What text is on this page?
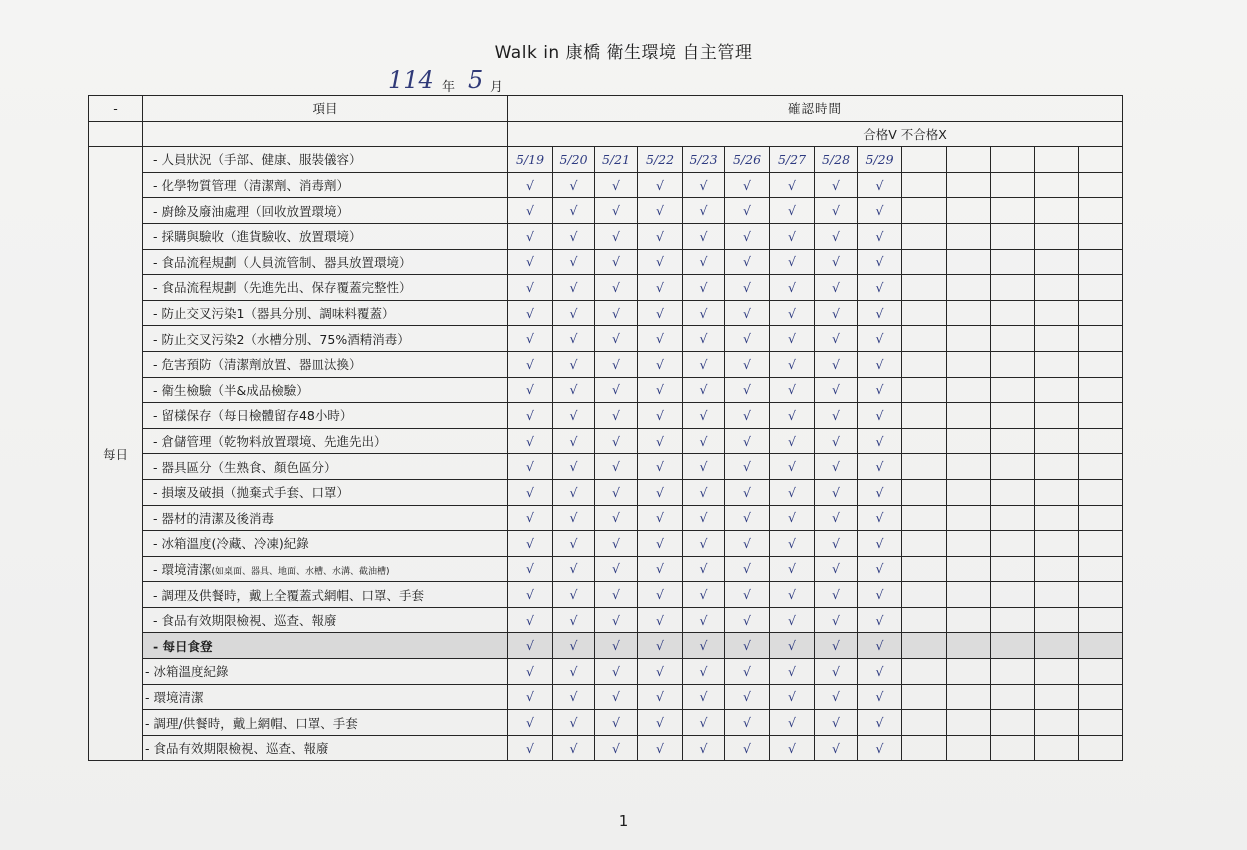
Walk in 康橋 衛生環境 自主管理
114 年 5 月
-	項目	確認時間													
		合格V 不合格X													
每日	- 人員狀況（手部、健康、服裝儀容）	5/19	5/20	5/21	5/22	5/23	5/26	5/27	5/28	5/29					
	- 化學物質管理（清潔劑、消毒劑）	√	√	√	√	√	√	√	√	√					
	- 廚餘及廢油處理（回收放置環境）	√	√	√	√	√	√	√	√	√					
	- 採購與驗收（進貨驗收、放置環境）	√	√	√	√	√	√	√	√	√					
	- 食品流程規劃（人員流管制、器具放置環境）	√	√	√	√	√	√	√	√	√					
	- 食品流程規劃（先進先出、保存覆蓋完整性）	√	√	√	√	√	√	√	√	√					
	- 防止交叉污染1（器具分別、調味料覆蓋）	√	√	√	√	√	√	√	√	√					
	- 防止交叉污染2（水槽分別、75%酒精消毒）	√	√	√	√	√	√	√	√	√					
	- 危害預防（清潔劑放置、器皿汰換）	√	√	√	√	√	√	√	√	√					
	- 衛生檢驗（半&成品檢驗）	√	√	√	√	√	√	√	√	√					
	- 留樣保存（每日檢體留存48小時）	√	√	√	√	√	√	√	√	√					
	- 倉儲管理（乾物料放置環境、先進先出）	√	√	√	√	√	√	√	√	√					
	- 器具區分（生熟食、顏色區分）	√	√	√	√	√	√	√	√	√					
	- 損壞及破損（拋棄式手套、口罩）	√	√	√	√	√	√	√	√	√					
	- 器材的清潔及後消毒	√	√	√	√	√	√	√	√	√					
	- 冰箱溫度(冷藏、冷凍)紀錄	√	√	√	√	√	√	√	√	√					
	- 環境清潔(如桌面、器具、地面、水槽、水溝、截油槽)	√	√	√	√	√	√	√	√	√					
	- 調理及供餐時，戴上全覆蓋式網帽、口罩、手套	√	√	√	√	√	√	√	√	√					
	- 食品有效期限檢視、巡查、報廢	√	√	√	√	√	√	√	√	√					
	- 每日食登	√	√	√	√	√	√	√	√	√					
	- 冰箱溫度紀錄	√	√	√	√	√	√	√	√	√					
	- 環境清潔	√	√	√	√	√	√	√	√	√					
	- 調理/供餐時，戴上網帽、口罩、手套	√	√	√	√	√	√	√	√	√					
	- 食品有效期限檢視、巡查、報廢	√	√	√	√	√	√	√	√	√					
1
